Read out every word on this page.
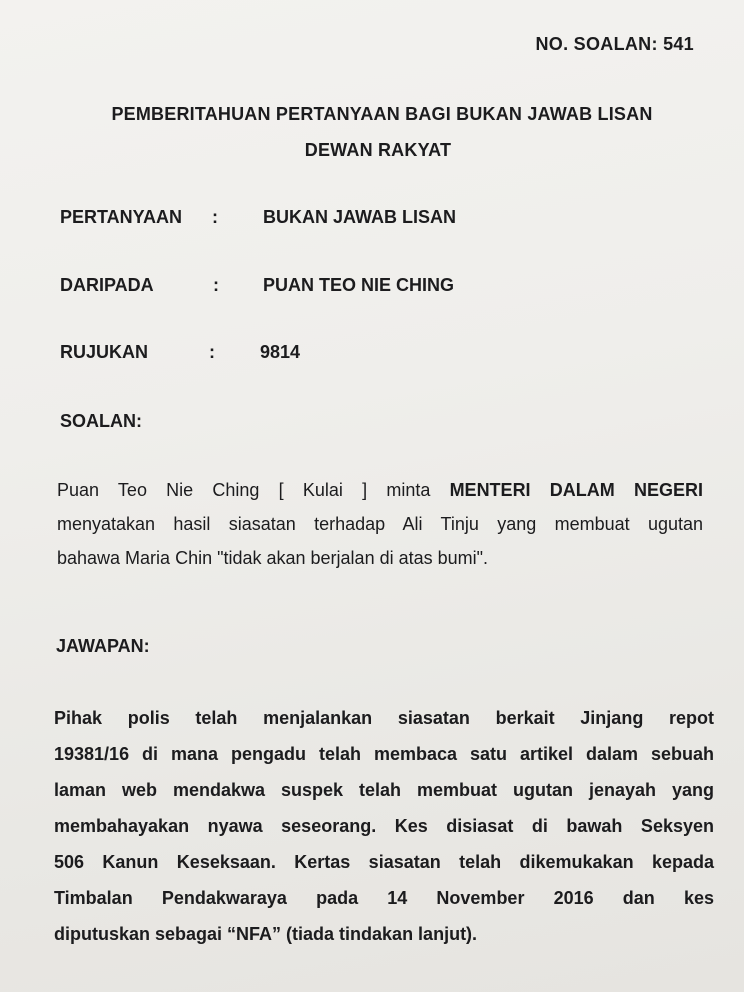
NO. SOALAN: 541
PEMBERITAHUAN PERTANYAAN BAGI BUKAN JAWAB LISAN
DEWAN RAKYAT
PERTANYAAN :	BUKAN JAWAB LISAN
DARIPADA	: PUAN TEO NIE CHING
RUJUKAN	:	9814
SOALAN:
Puan Teo Nie Ching [ Kulai ] minta MENTERI DALAM NEGERI
menyatakan hasil siasatan terhadap Ali Tinju yang membuat ugutan
bahawa Maria Chin "tidak akan berjalan di atas bumi".
JAWAPAN:
Pihak polis telah menjalankan siasatan berkait Jinjang repot
19381/16 di mana pengadu telah membaca satu artikel dalam sebuah
laman web mendakwa suspek telah membuat ugutan jenayah yang
membahayakan nyawa seseorang. Kes disiasat di bawah Seksyen
506 Kanun Keseksaan. Kertas siasatan telah dikemukakan kepada
Timbalan Pendakwaraya pada 14 November 2016 dan kes
diputuskan sebagai “NFA” (tiada tindakan lanjut).
